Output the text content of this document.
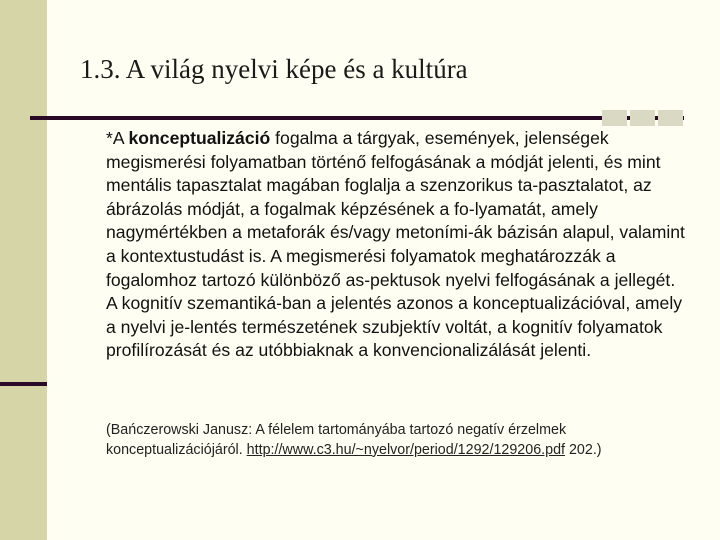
1.3. A világ nyelvi képe és a kultúra

*A konceptualizáció fogalma a tárgyak, események, jelenségek megismerési folyamatban történő felfogásának a módját jelenti, és mint mentális tapasztalat magában foglalja a szenzorikus ta-pasztalatot, az ábrázolás módját, a fogalmak képzésének a fo-lyamatát, amely nagymértékben a metaforák és/vagy metoními-ák bázisán alapul, valamint a kontextustudást is. A megismerési folyamatok meghatározzák a fogalomhoz tartozó különböző as-pektusok nyelvi felfogásának a jellegét. A kognitív szemantiká-ban a jelentés azonos a konceptualizációval, amely a nyelvi je-lentés természetének szubjektív voltát, a kognitív folyamatok profilírozását és az utóbbiaknak a konvencionalizálását jelenti.

(Bańczerowski Janusz: A félelem tartományába tartozó negatív érzelmek konceptualizációjáról. http://www.c3.hu/~nyelvor/period/1292/129206.pdf 202.)
